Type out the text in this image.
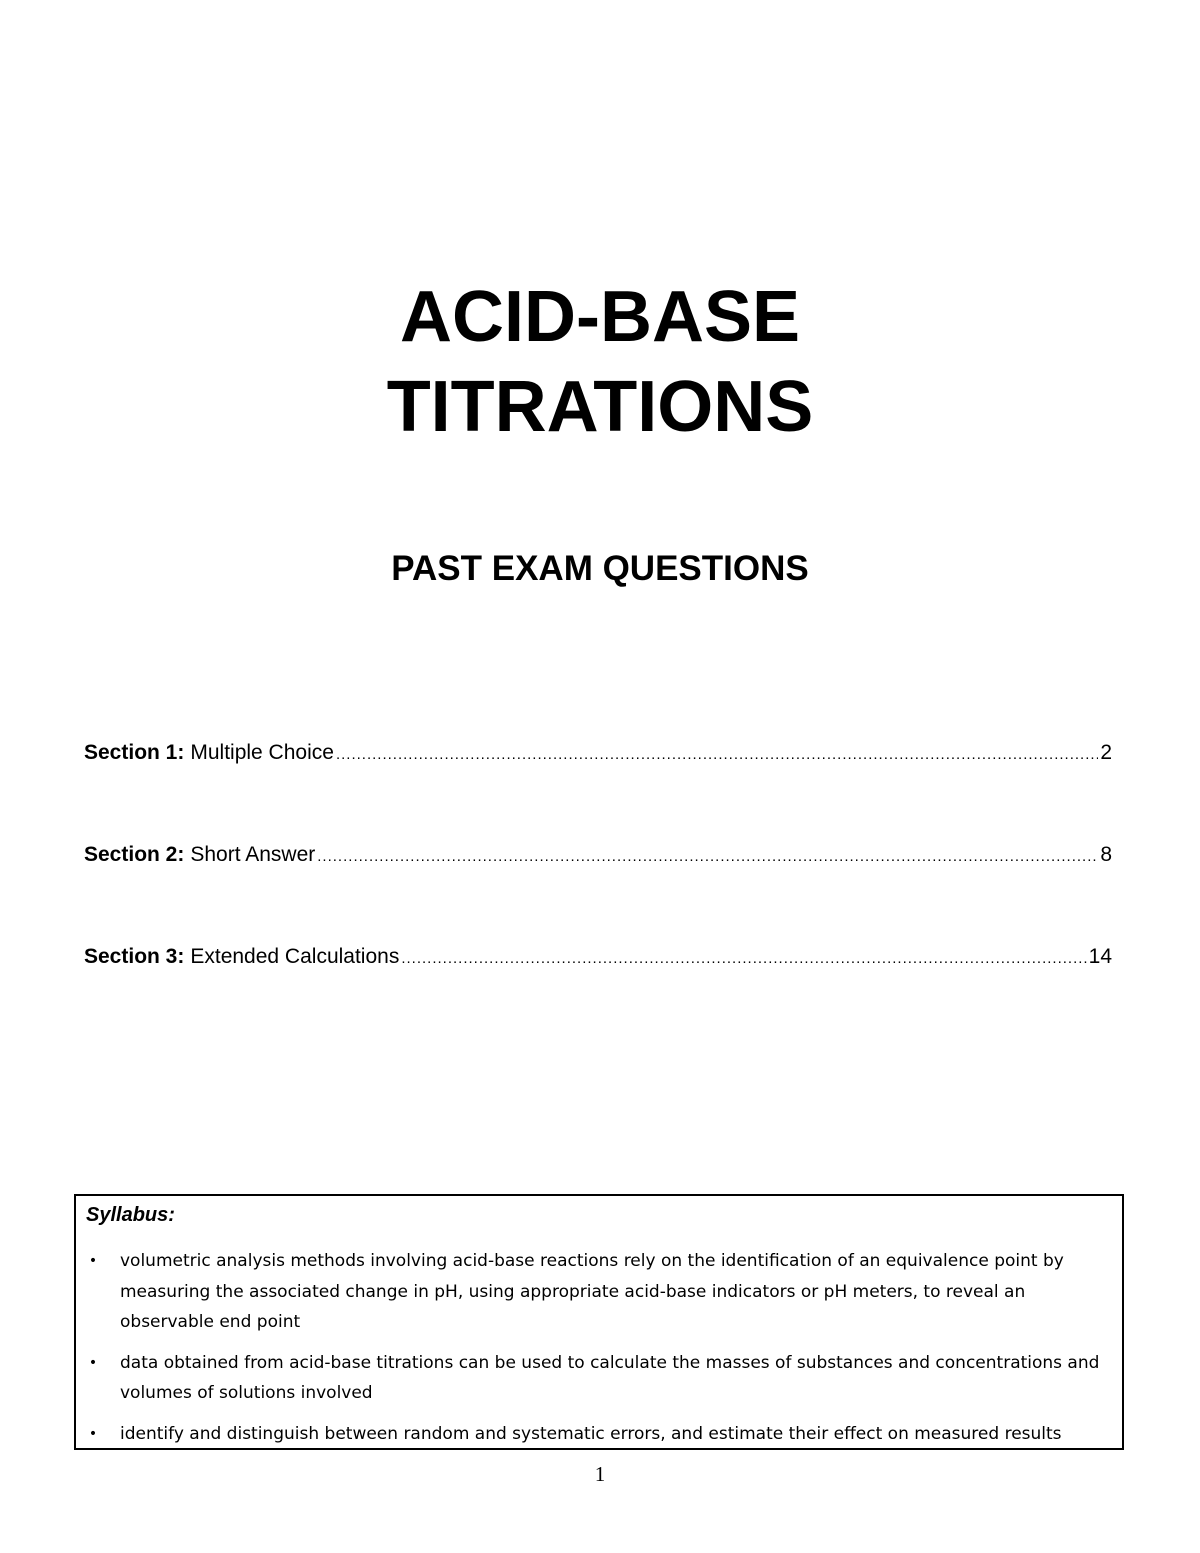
ACID-BASE
TITRATIONS
PAST EXAM QUESTIONS
Section 1: Multiple Choice .....	2
Section 2: Short Answer .....	8
Section 3: Extended Calculations .....	14
Syllabus:
• volumetric analysis methods involving acid-base reactions rely on the identification of an equivalence point by measuring the associated change in pH, using appropriate acid-base indicators or pH meters, to reveal an observable end point
• data obtained from acid-base titrations can be used to calculate the masses of substances and concentrations and volumes of solutions involved
• identify and distinguish between random and systematic errors, and estimate their effect on measured results
1
